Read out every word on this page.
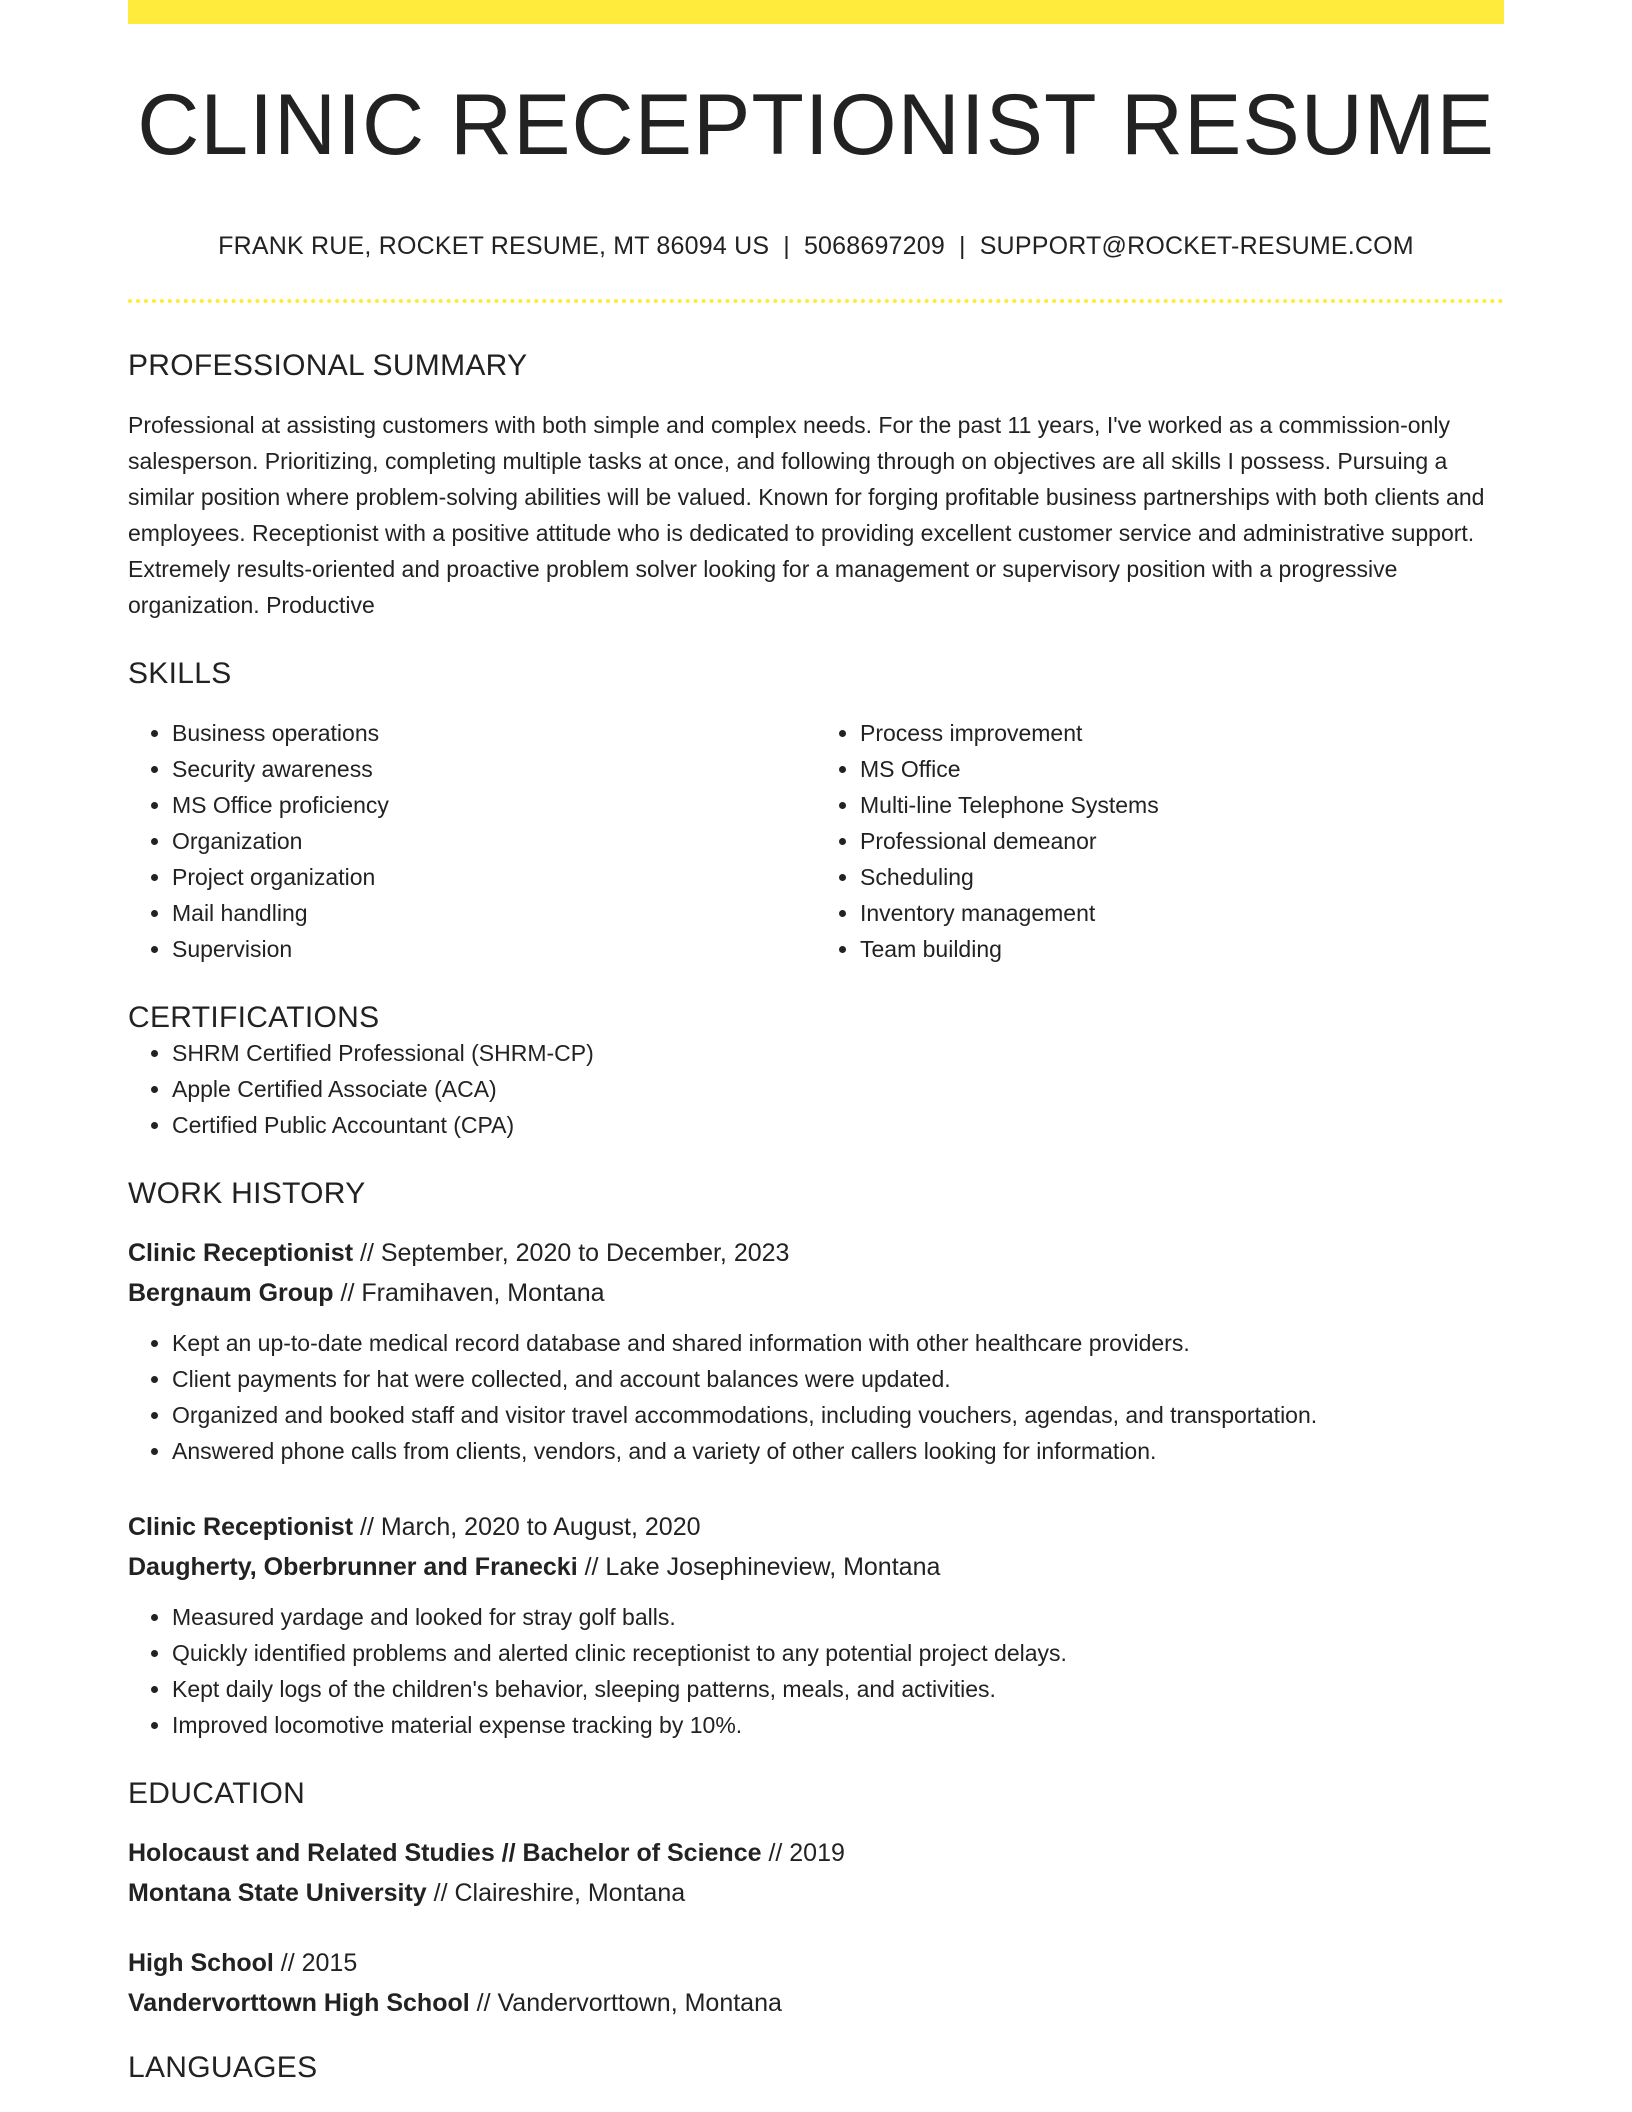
CLINIC RECEPTIONIST RESUME
FRANK RUE, ROCKET RESUME, MT 86094 US | 5068697209 | SUPPORT@ROCKET-RESUME.COM
PROFESSIONAL SUMMARY
Professional at assisting customers with both simple and complex needs. For the past 11 years, I've worked as a commission-only salesperson. Prioritizing, completing multiple tasks at once, and following through on objectives are all skills I possess. Pursuing a similar position where problem-solving abilities will be valued. Known for forging profitable business partnerships with both clients and employees. Receptionist with a positive attitude who is dedicated to providing excellent customer service and administrative support. Extremely results-oriented and proactive problem solver looking for a management or supervisory position with a progressive organization. Productive
SKILLS
• Business operations
• Security awareness
• MS Office proficiency
• Organization
• Project organization
• Mail handling
• Supervision
• Process improvement
• MS Office
• Multi-line Telephone Systems
• Professional demeanor
• Scheduling
• Inventory management
• Team building
CERTIFICATIONS
• SHRM Certified Professional (SHRM-CP)
• Apple Certified Associate (ACA)
• Certified Public Accountant (CPA)
WORK HISTORY
Clinic Receptionist // September, 2020 to December, 2023
Bergnaum Group // Framihaven, Montana
• Kept an up-to-date medical record database and shared information with other healthcare providers.
• Client payments for hat were collected, and account balances were updated.
• Organized and booked staff and visitor travel accommodations, including vouchers, agendas, and transportation.
• Answered phone calls from clients, vendors, and a variety of other callers looking for information.
Clinic Receptionist // March, 2020 to August, 2020
Daugherty, Oberbrunner and Franecki // Lake Josephineview, Montana
• Measured yardage and looked for stray golf balls.
• Quickly identified problems and alerted clinic receptionist to any potential project delays.
• Kept daily logs of the children's behavior, sleeping patterns, meals, and activities.
• Improved locomotive material expense tracking by 10%.
EDUCATION
Holocaust and Related Studies // Bachelor of Science // 2019
Montana State University // Claireshire, Montana
High School // 2015
Vandervorttown High School // Vandervorttown, Montana
LANGUAGES
